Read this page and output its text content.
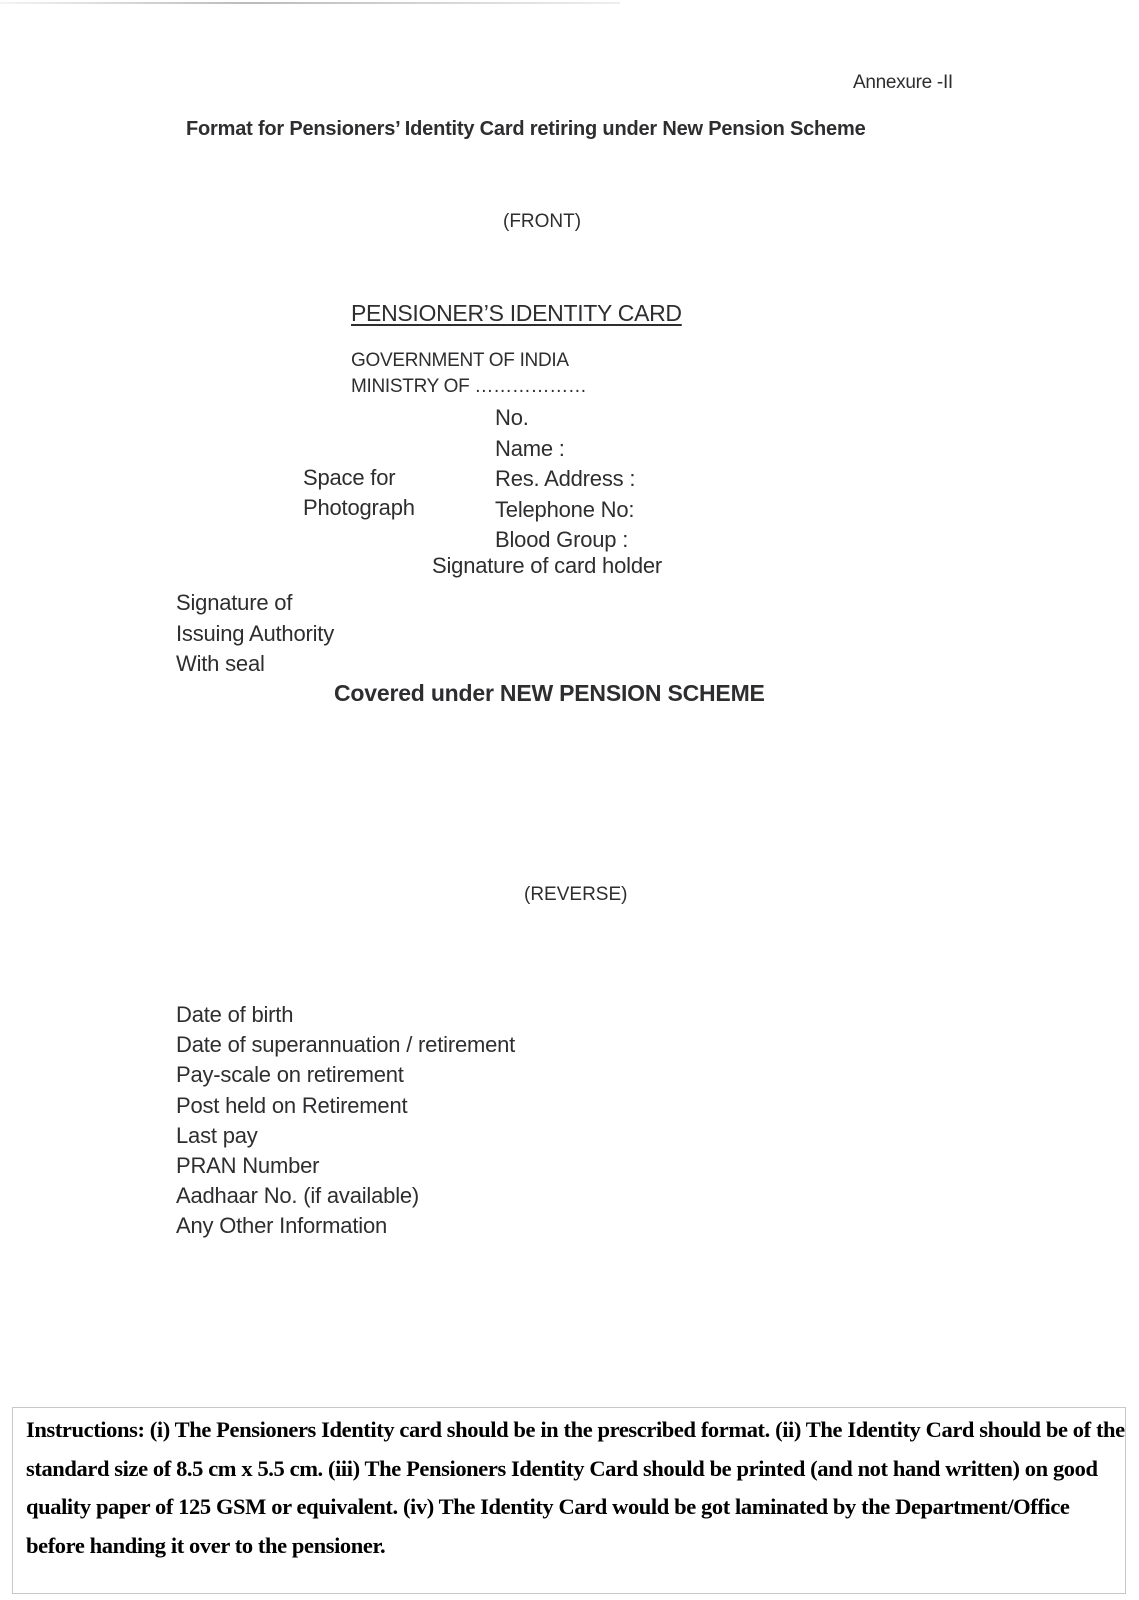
Annexure -II
Format for Pensioners’ Identity Card retiring under New Pension Scheme
(FRONT)
PENSIONER’S IDENTITY CARD
GOVERNMENT OF INDIA
MINISTRY OF ………………
No.
Name :
Res. Address :
Telephone No:
Blood Group :
Space for
Photograph
Signature of card holder
Signature of
Issuing Authority
With seal
Covered under NEW PENSION SCHEME
(REVERSE)
Date of birth
Date of superannuation / retirement
Pay-scale on retirement
Post held on Retirement
Last pay
PRAN Number
Aadhaar No. (if available)
Any Other Information
Instructions: (i) The Pensioners Identity card should be in the prescribed format. (ii) The Identity Card should be of the standard size of 8.5 cm x 5.5 cm. (iii) The Pensioners Identity Card should be printed (and not hand written) on good quality paper of 125 GSM or equivalent. (iv) The Identity Card would be got laminated by the Department/Office before handing it over to the pensioner.
